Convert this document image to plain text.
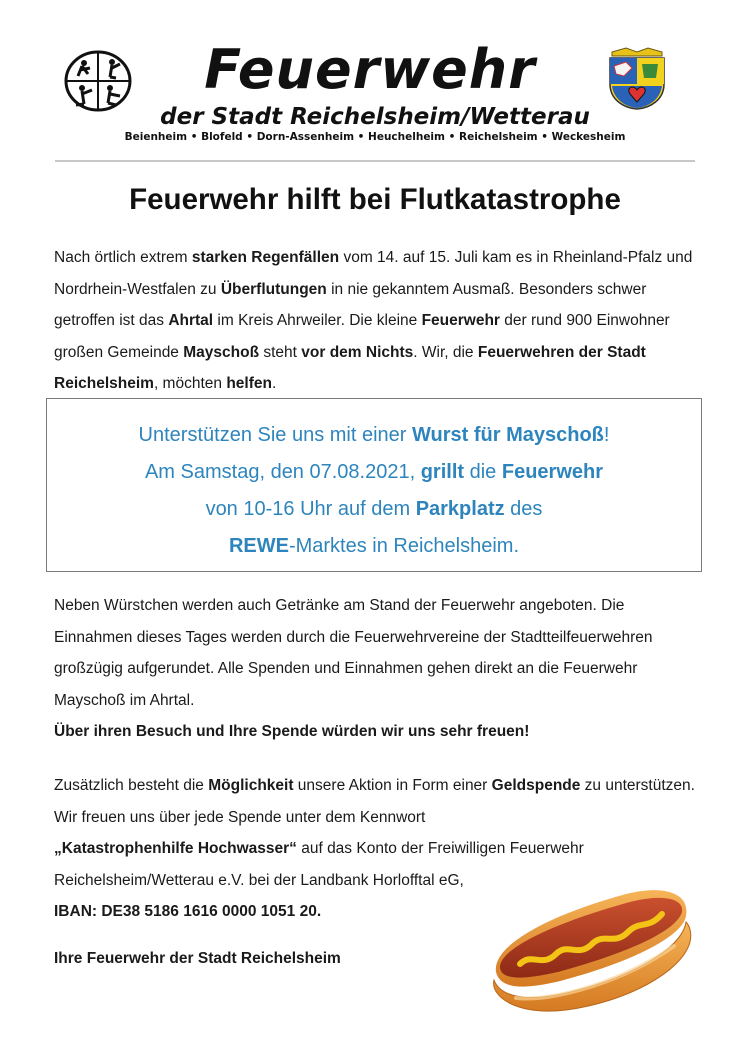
Feuerwehr
der Stadt Reichelsheim/Wetterau
Beienheim • Blofeld • Dorn-Assenheim • Heuchelheim • Reichelsheim • Weckesheim
Feuerwehr hilft bei Flutkatastrophe
Nach örtlich extrem starken Regenfällen vom 14. auf 15. Juli kam es in Rheinland-Pfalz und Nordrhein-Westfalen zu Überflutungen in nie gekanntem Ausmaß. Besonders schwer getroffen ist das Ahrtal im Kreis Ahrweiler. Die kleine Feuerwehr der rund 900 Einwohner großen Gemeinde Mayschoß steht vor dem Nichts. Wir, die Feuerwehren der Stadt Reichelsheim, möchten helfen.
Unterstützen Sie uns mit einer Wurst für Mayschoß!
Am Samstag, den 07.08.2021, grillt die Feuerwehr
von 10-16 Uhr auf dem Parkplatz des
REWE-Marktes in Reichelsheim.
Neben Würstchen werden auch Getränke am Stand der Feuerwehr angeboten. Die Einnahmen dieses Tages werden durch die Feuerwehrvereine der Stadtteilfeuerwehren großzügig aufgerundet. Alle Spenden und Einnahmen gehen direkt an die Feuerwehr Mayschoß im Ahrtal.
Über ihren Besuch und Ihre Spende würden wir uns sehr freuen!
Zusätzlich besteht die Möglichkeit unsere Aktion in Form einer Geldspende zu unterstützen. Wir freuen uns über jede Spende unter dem Kennwort
„Katastrophenhilfe Hochwasser“ auf das Konto der Freiwilligen Feuerwehr Reichelsheim/Wetterau e.V. bei der Landbank Horlofftal eG,
IBAN: DE38 5186 1616 0000 1051 20.
Ihre Feuerwehr der Stadt Reichelsheim
